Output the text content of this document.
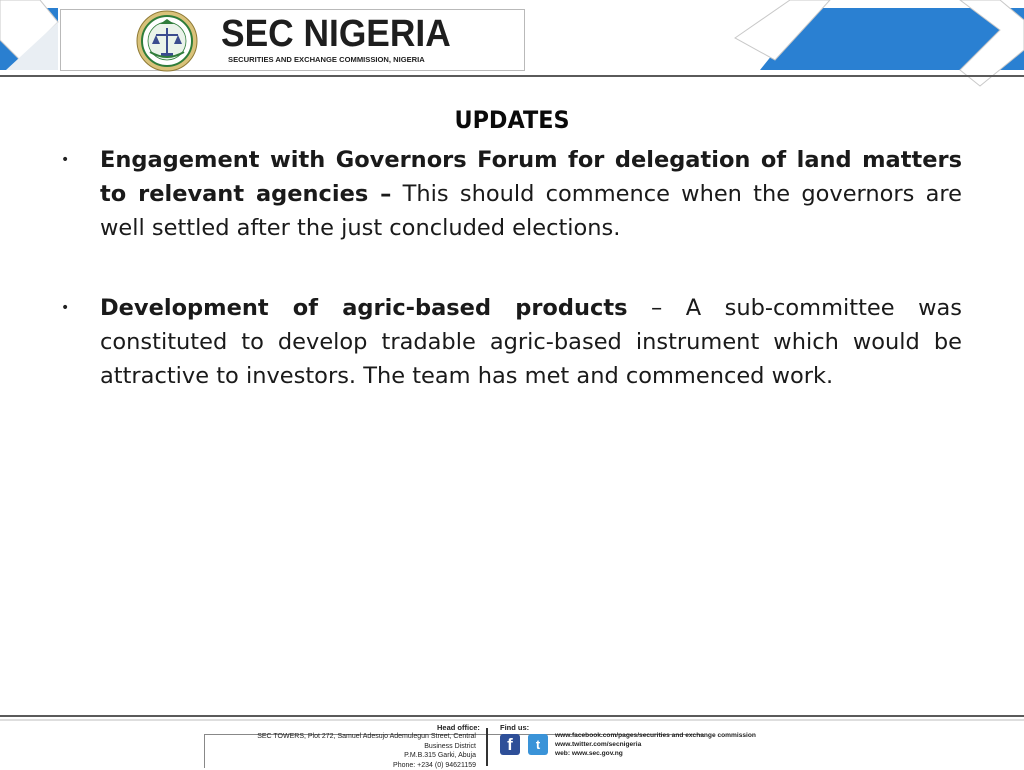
SEC NIGERIA
SECURITIES AND EXCHANGE COMMISSION, NIGERIA
UPDATES
• Engagement with Governors Forum for delegation of land matters to relevant agencies – This should commence when the governors are well settled after the just concluded elections.
• Development of agric-based products – A sub-committee was constituted to develop tradable agric-based instrument which would be attractive to investors. The team has met and commenced work.
Head office:
SEC TOWERS, Plot 272, Samuel Adesujo Ademulegun Street, Central
Business District
P.M.B.315 Garki, Abuja
Phone: +234 (0) 94621159
Find us:
f	t
www.facebook.com/pages/securities and exchange commission
www.twitter.com/secnigeria
web: www.sec.gov.ng
